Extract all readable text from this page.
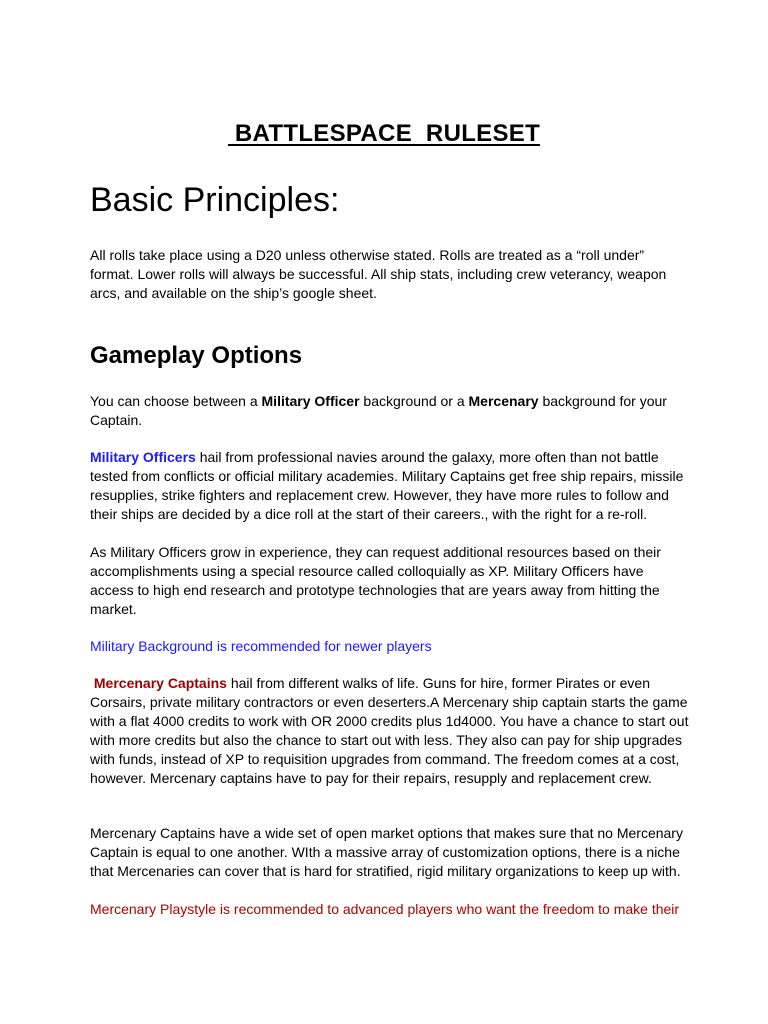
BATTLESPACE  RULESET
Basic Principles:

All rolls take place using a D20 unless otherwise stated. Rolls are treated as a “roll under” format. Lower rolls will always be successful. All ship stats, including crew veterancy, weapon arcs, and available on the ship’s google sheet.

Gameplay Options

You can choose between a Military Officer background or a Mercenary background for your Captain.

Military Officers hail from professional navies around the galaxy, more often than not battle tested from conflicts or official military academies. Military Captains get free ship repairs, missile resupplies, strike fighters and replacement crew. However, they have more rules to follow and their ships are decided by a dice roll at the start of their careers., with the right for a re-roll.

As Military Officers grow in experience, they can request additional resources based on their accomplishments using a special resource called colloquially as XP. Military Officers have access to high end research and prototype technologies that are years away from hitting the market.

Military Background is recommended for newer players

Mercenary Captains hail from different walks of life. Guns for hire, former Pirates or even Corsairs, private military contractors or even deserters.A Mercenary ship captain starts the game with a flat 4000 credits to work with OR 2000 credits plus 1d4000. You have a chance to start out with more credits but also the chance to start out with less. They also can pay for ship upgrades with funds, instead of XP to requisition upgrades from command. The freedom comes at a cost, however. Mercenary captains have to pay for their repairs, resupply and replacement crew.

Mercenary Captains have a wide set of open market options that makes sure that no Mercenary Captain is equal to one another. WIth a massive array of customization options, there is a niche that Mercenaries can cover that is hard for stratified, rigid military organizations to keep up with.

Mercenary Playstyle is recommended to advanced players who want the freedom to make their
